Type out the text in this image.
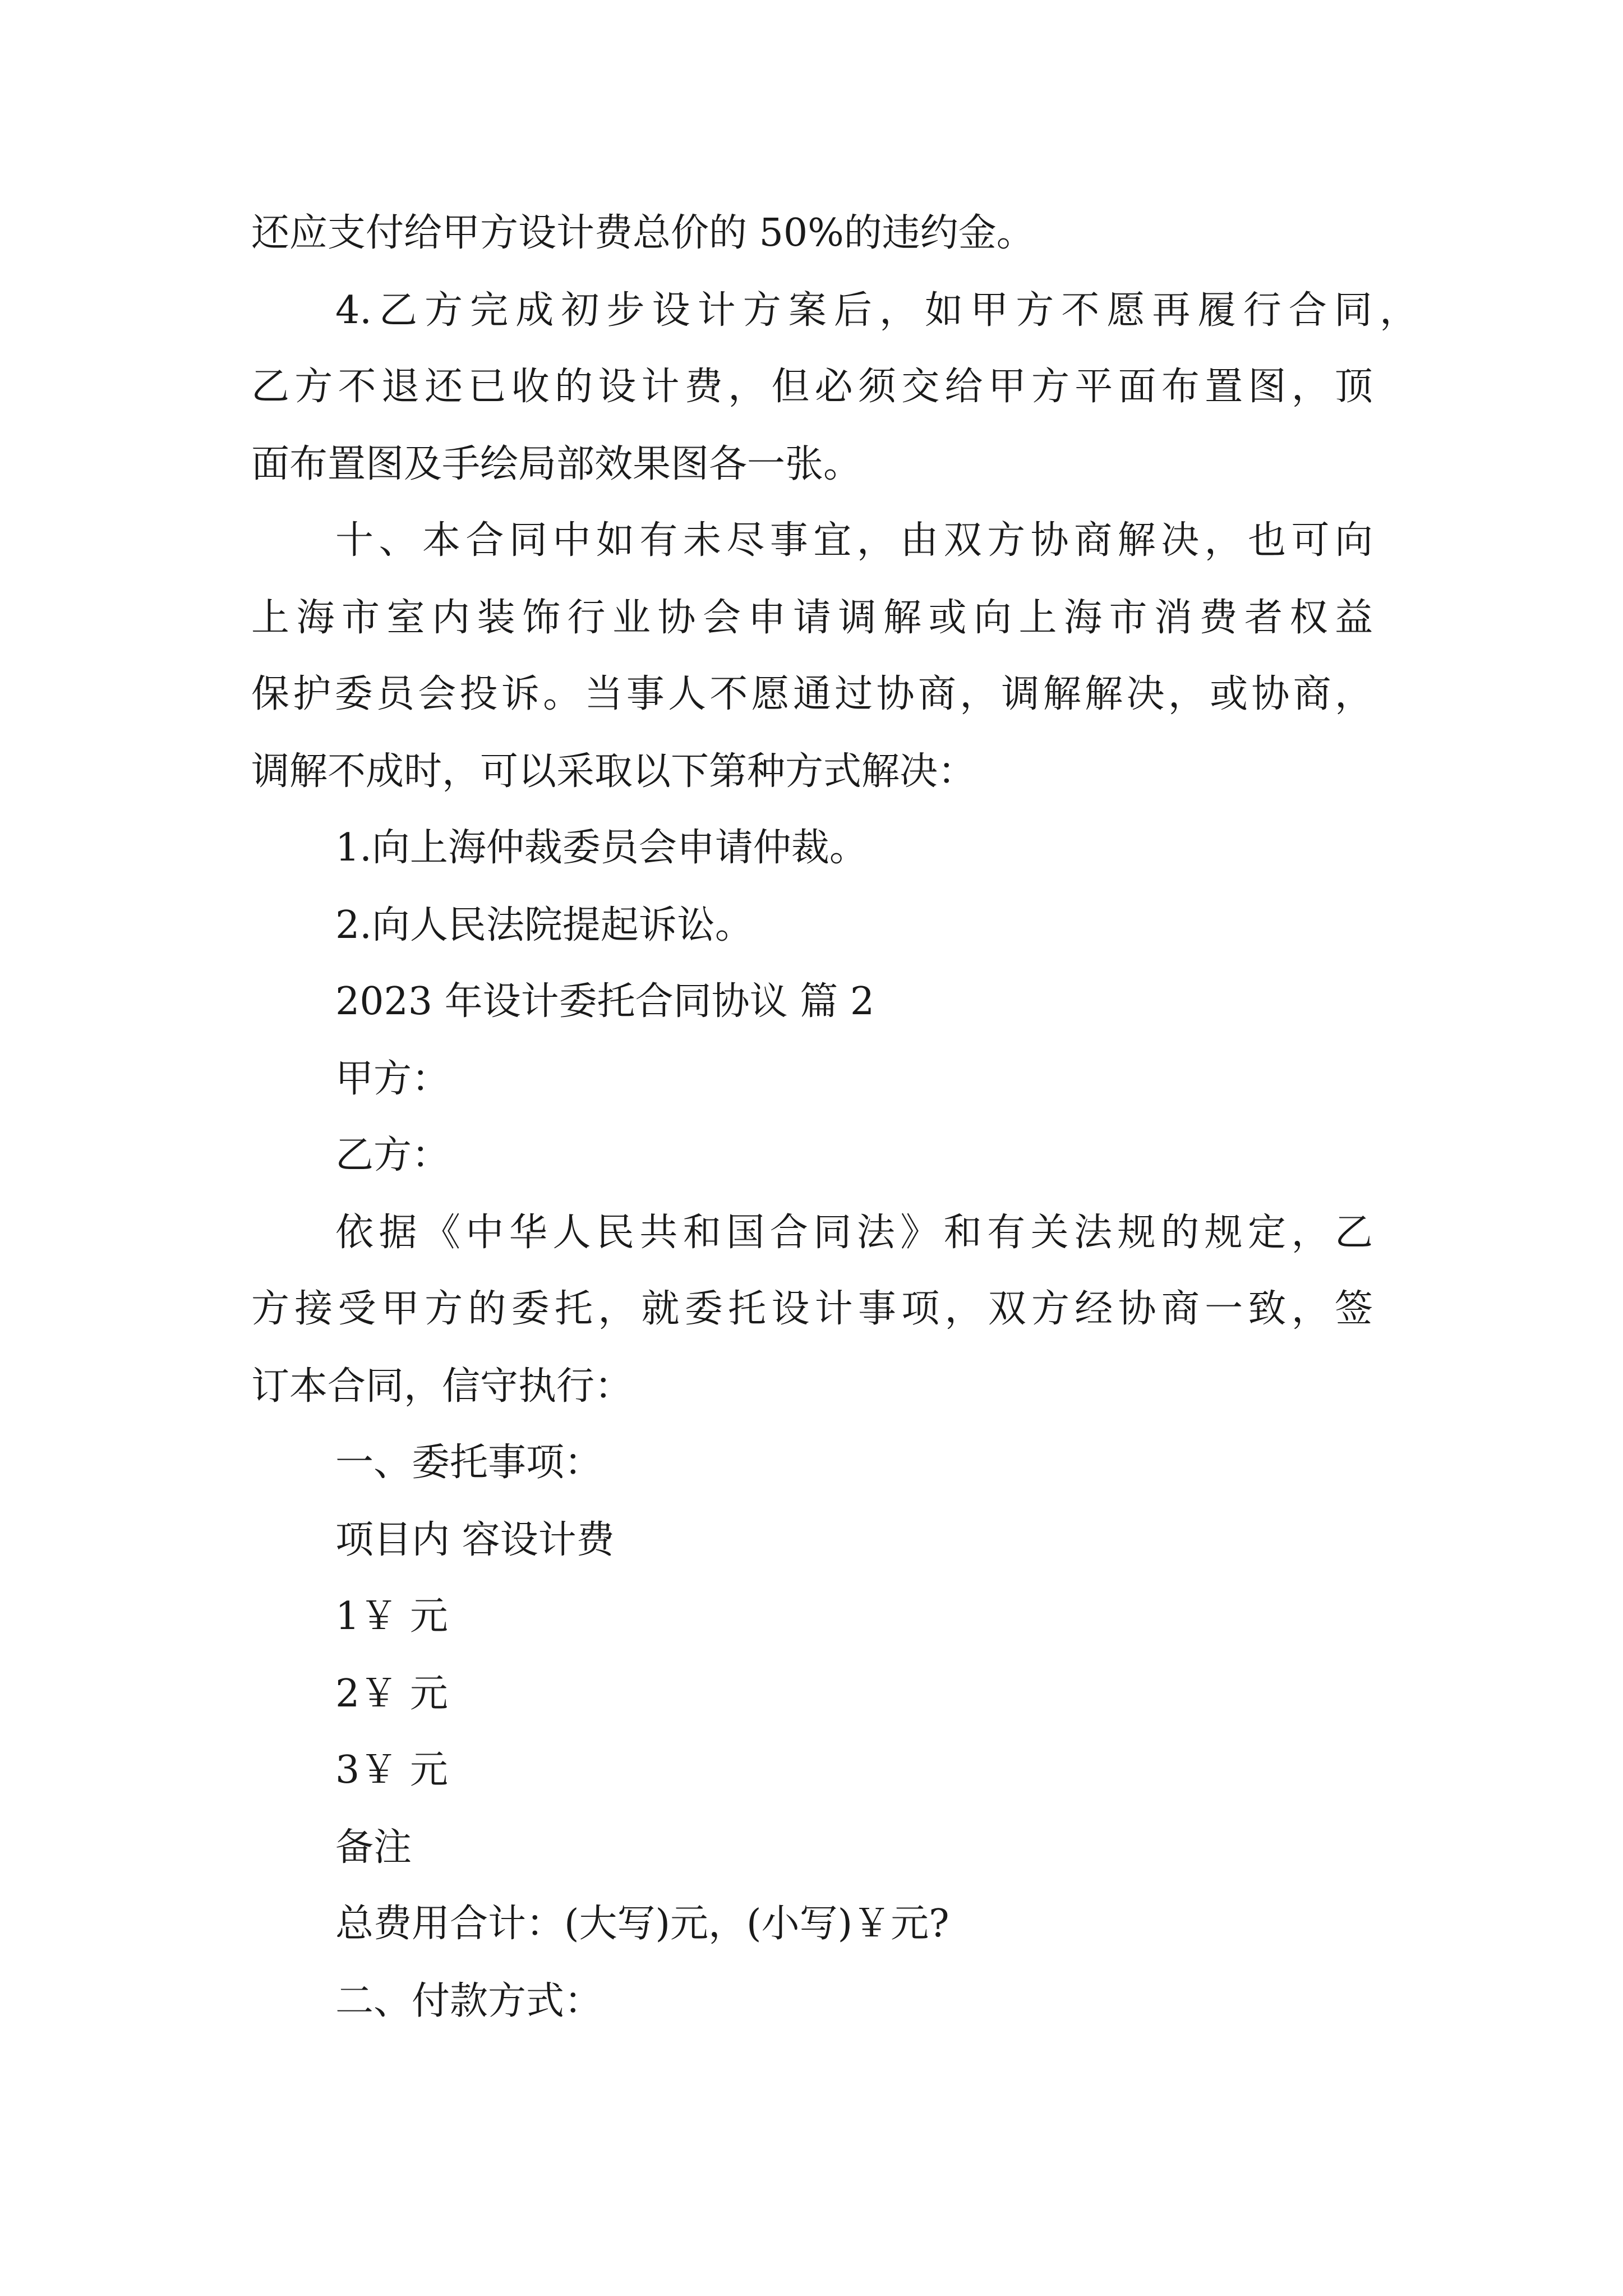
还应支付给甲方设计费总价的 50%的违约金。
4.乙方完成初步设计方案后，如甲方不愿再履行合同，
乙方不退还已收的设计费，但必须交给甲方平面布置图，顶
面布置图及手绘局部效果图各一张。
十、本合同中如有未尽事宜，由双方协商解决，也可向
上海市室内装饰行业协会申请调解或向上海市消费者权益
保护委员会投诉。当事人不愿通过协商，调解解决，或协商，
调解不成时，可以采取以下第种方式解决：
1.向上海仲裁委员会申请仲裁。
2.向人民法院提起诉讼。
2023 年设计委托合同协议 篇 2
甲方：
乙方：
依据《中华人民共和国合同法》和有关法规的规定，乙
方接受甲方的委托，就委托设计事项，双方经协商一致，签
订本合同，信守执行：
一、委托事项：
项目内 容设计费
1￥ 元
2￥ 元
3￥ 元
备注
总费用合计：(大写)元，(小写)￥元?
二、付款方式：
